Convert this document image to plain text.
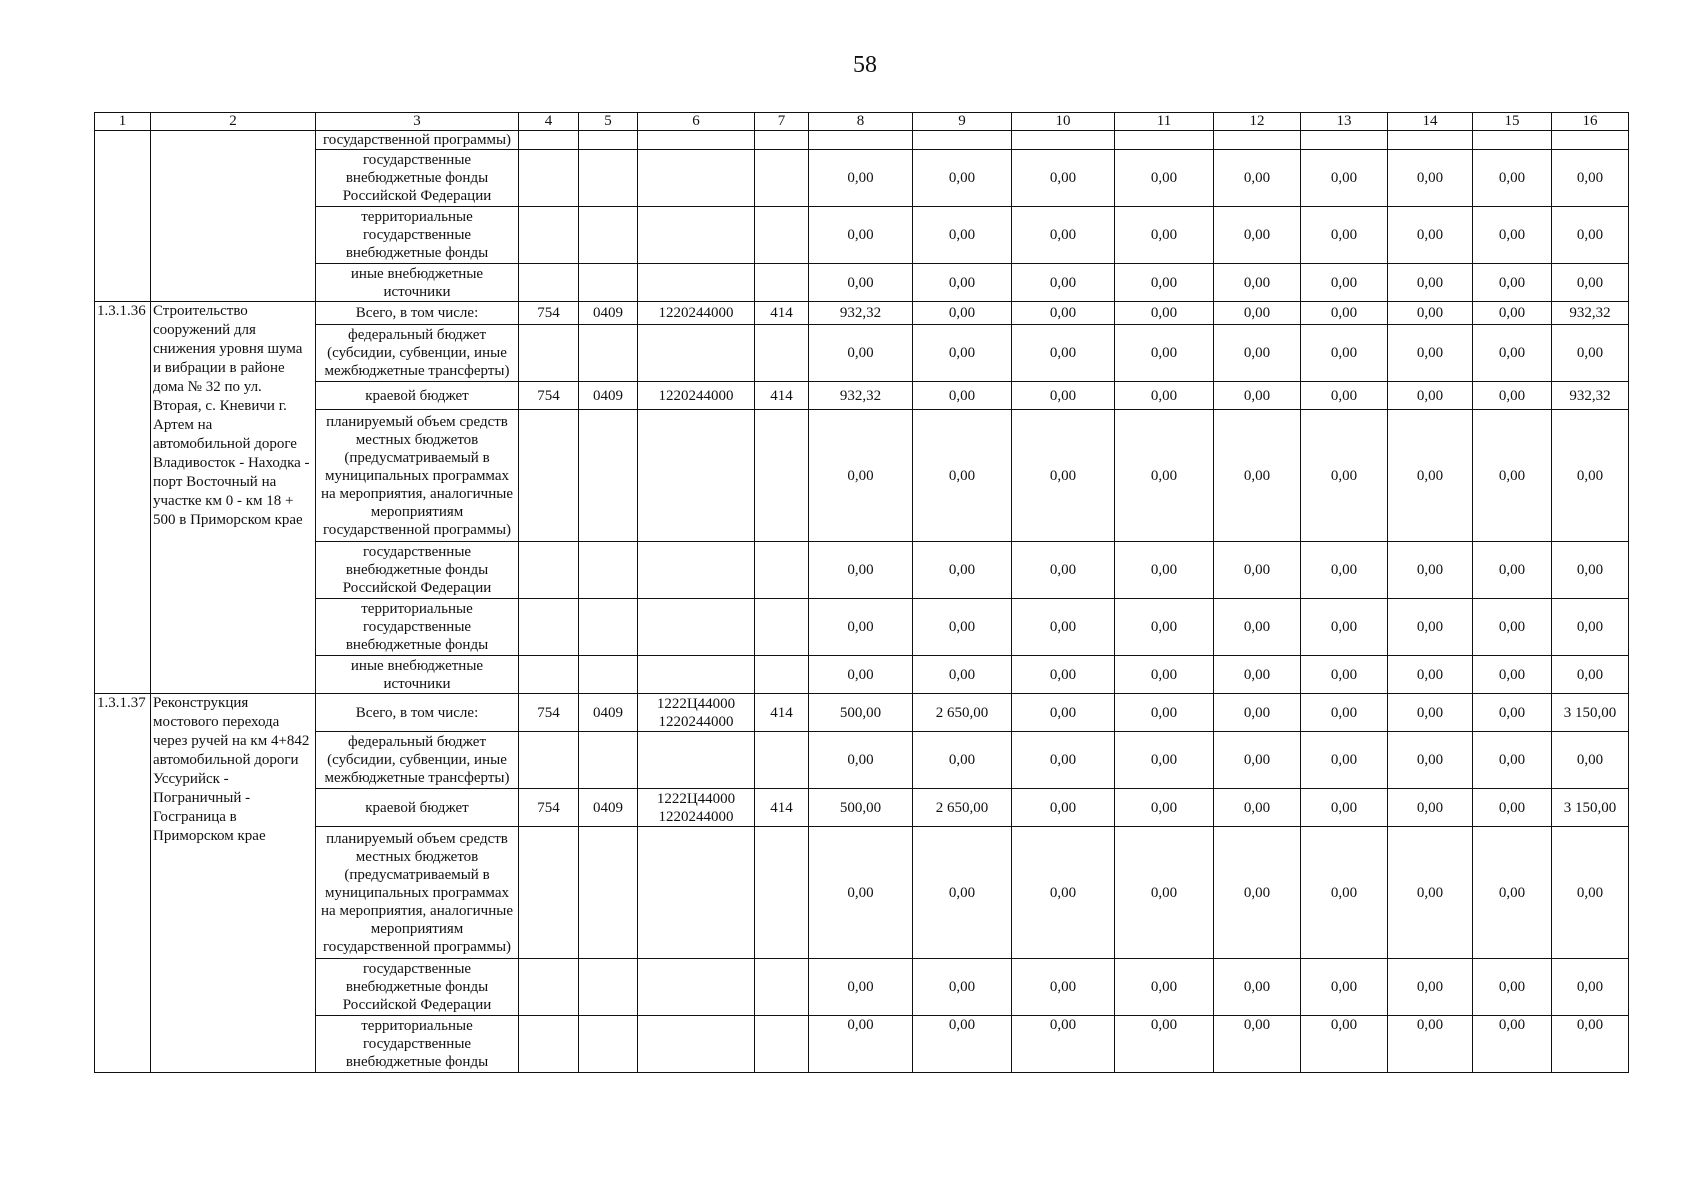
58
1	2	3	4	5	6	7	8	9	10	11	12	13	14	15	16
		государственной программы)													
		государственные внебюджетные фонды Российской Федерации					0,00	0,00	0,00	0,00	0,00	0,00	0,00	0,00	0,00
		территориальные государственные внебюджетные фонды					0,00	0,00	0,00	0,00	0,00	0,00	0,00	0,00	0,00
		иные внебюджетные источники					0,00	0,00	0,00	0,00	0,00	0,00	0,00	0,00	0,00
1.3.1.36	Строительство сооружений для снижения уровня шума и вибрации в районе дома № 32 по ул. Вторая, с. Кневичи г. Артем на автомобильной дороге Владивосток - Находка - порт Восточный на участке км 0 - км 18 + 500 в Приморском крае	Всего, в том числе:	754	0409	1220244000	414	932,32	0,00	0,00	0,00	0,00	0,00	0,00	0,00	932,32
		федеральный бюджет (субсидии, субвенции, иные межбюджетные трансферты)					0,00	0,00	0,00	0,00	0,00	0,00	0,00	0,00	0,00
		краевой бюджет	754	0409	1220244000	414	932,32	0,00	0,00	0,00	0,00	0,00	0,00	0,00	932,32
		планируемый объем средств местных бюджетов (предусматриваемый в муниципальных программах на мероприятия, аналогичные мероприятиям государственной программы)					0,00	0,00	0,00	0,00	0,00	0,00	0,00	0,00	0,00
		государственные внебюджетные фонды Российской Федерации					0,00	0,00	0,00	0,00	0,00	0,00	0,00	0,00	0,00
		территориальные государственные внебюджетные фонды					0,00	0,00	0,00	0,00	0,00	0,00	0,00	0,00	0,00
		иные внебюджетные источники					0,00	0,00	0,00	0,00	0,00	0,00	0,00	0,00	0,00
1.3.1.37	Реконструкция мостового перехода через ручей на км 4+842 автомобильной дороги Уссурийск - Пограничный - Госграница в Приморском крае	Всего, в том числе:	754	0409	1222Ц44000 1220244000	414	500,00	2 650,00	0,00	0,00	0,00	0,00	0,00	0,00	3 150,00
		федеральный бюджет (субсидии, субвенции, иные межбюджетные трансферты)					0,00	0,00	0,00	0,00	0,00	0,00	0,00	0,00	0,00
		краевой бюджет	754	0409	1222Ц44000 1220244000	414	500,00	2 650,00	0,00	0,00	0,00	0,00	0,00	0,00	3 150,00
		планируемый объем средств местных бюджетов (предусматриваемый в муниципальных программах на мероприятия, аналогичные мероприятиям государственной программы)					0,00	0,00	0,00	0,00	0,00	0,00	0,00	0,00	0,00
		государственные внебюджетные фонды Российской Федерации					0,00	0,00	0,00	0,00	0,00	0,00	0,00	0,00	0,00
		территориальные государственные внебюджетные фонды					0,00	0,00	0,00	0,00	0,00	0,00	0,00	0,00	0,00
